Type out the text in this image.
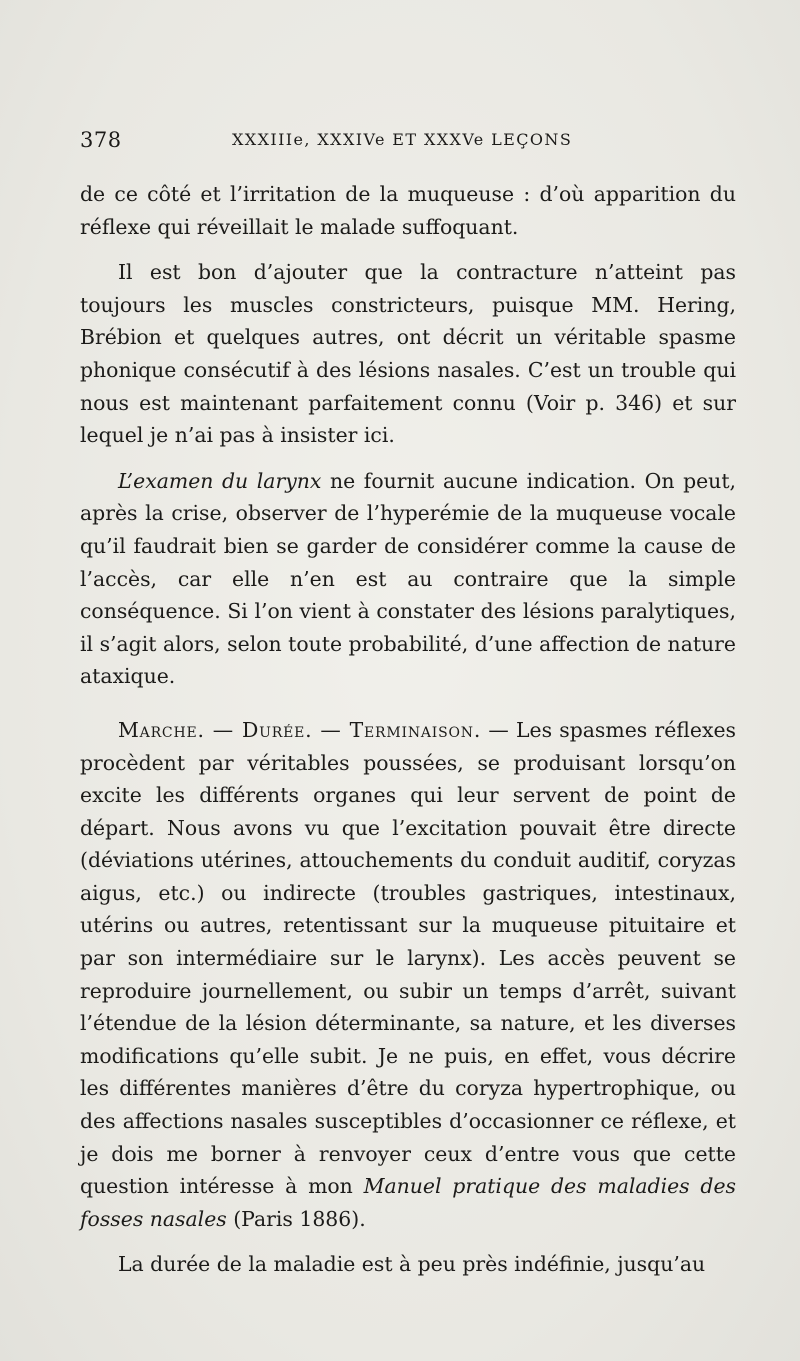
378	XXXIIIe, XXXIVe ET XXXVe LEÇONS

de ce côté et l’irritation de la muqueuse : d’où apparition du réflexe qui réveillait le malade suffoquant.

Il est bon d’ajouter que la contracture n’atteint pas toujours les muscles constricteurs, puisque MM. Hering, Brébion et quelques autres, ont décrit un véritable spasme phonique consécutif à des lésions nasales. C’est un trouble qui nous est maintenant parfaitement connu (Voir p. 346) et sur lequel je n’ai pas à insister ici.

L’examen du larynx ne fournit aucune indication. On peut, après la crise, observer de l’hyperémie de la muqueuse vocale qu’il faudrait bien se garder de considérer comme la cause de l’accès, car elle n’en est au contraire que la simple conséquence. Si l’on vient à constater des lésions paralytiques, il s’agit alors, selon toute probabilité, d’une affection de nature ataxique.

Marche. — Durée. — Terminaison. — Les spasmes réflexes procèdent par véritables poussées, se produisant lorsqu’on excite les différents organes qui leur servent de point de départ. Nous avons vu que l’excitation pouvait être directe (déviations utérines, attouchements du conduit auditif, coryzas aigus, etc.) ou indirecte (troubles gastriques, intestinaux, utérins ou autres, retentissant sur la muqueuse pituitaire et par son intermédiaire sur le larynx). Les accès peuvent se reproduire journellement, ou subir un temps d’arrêt, suivant l’étendue de la lésion déterminante, sa nature, et les diverses modifications qu’elle subit. Je ne puis, en effet, vous décrire les différentes manières d’être du coryza hypertrophique, ou des affections nasales susceptibles d’occasionner ce réflexe, et je dois me borner à renvoyer ceux d’entre vous que cette question intéresse à mon Manuel pratique des maladies des fosses nasales (Paris 1886).

La durée de la maladie est à peu près indéfinie, jusqu’au
